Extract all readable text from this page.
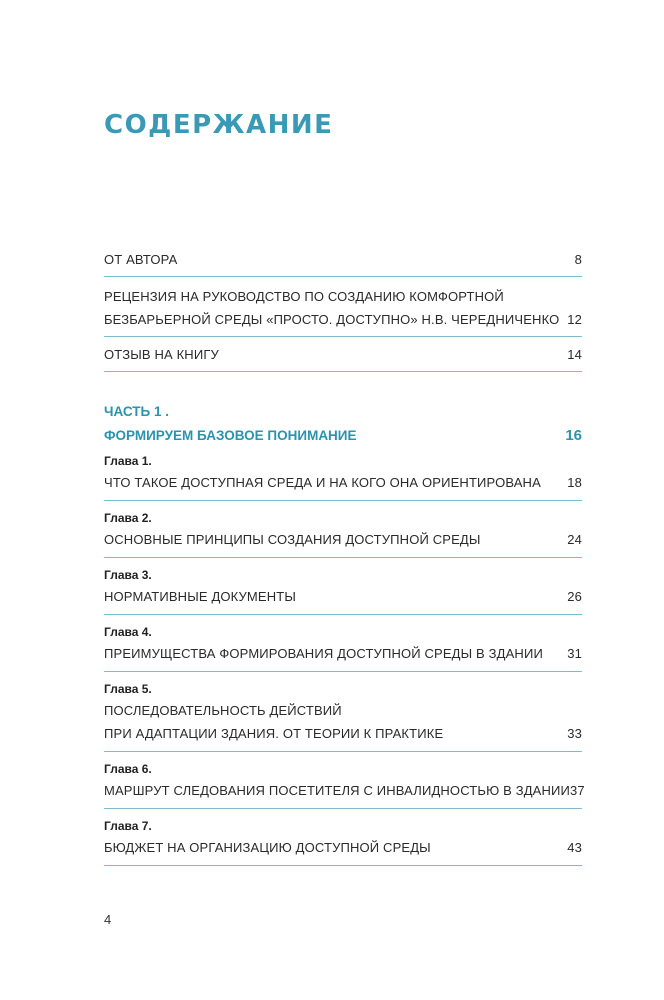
СОДЕРЖАНИЕ
ОТ АВТОРА	8
РЕЦЕНЗИЯ НА РУКОВОДСТВО ПО СОЗДАНИЮ КОМФОРТНОЙ
БЕЗБАРЬЕРНОЙ СРЕДЫ «ПРОСТО. ДОСТУПНО» Н.В. ЧЕРЕДНИЧЕНКО 12
ОТЗЫВ НА КНИГУ	14
ЧАСТЬ 1 .
ФОРМИРУЕМ БАЗОВОЕ ПОНИМАНИЕ	16
Глава 1.
ЧТО ТАКОЕ ДОСТУПНАЯ СРЕДА И НА КОГО ОНА ОРИЕНТИРОВАНА 18
Глава 2.
ОСНОВНЫЕ ПРИНЦИПЫ СОЗДАНИЯ ДОСТУПНОЙ СРЕДЫ	24
Глава 3.
НОРМАТИВНЫЕ ДОКУМЕНТЫ	26
Глава 4.
ПРЕИМУЩЕСТВА ФОРМИРОВАНИЯ ДОСТУПНОЙ СРЕДЫ В ЗДАНИИ 31
Глава 5.
ПОСЛЕДОВАТЕЛЬНОСТЬ ДЕЙСТВИЙ
ПРИ АДАПТАЦИИ ЗДАНИЯ. ОТ ТЕОРИИ К ПРАКТИКЕ	33
Глава 6.
МАРШРУТ СЛЕДОВАНИЯ ПОСЕТИТЕЛЯ С ИНВАЛИДНОСТЬЮ В ЗДАНИИ 37
Глава 7.
БЮДЖЕТ НА ОРГАНИЗАЦИЮ ДОСТУПНОЙ СРЕДЫ	43
4
